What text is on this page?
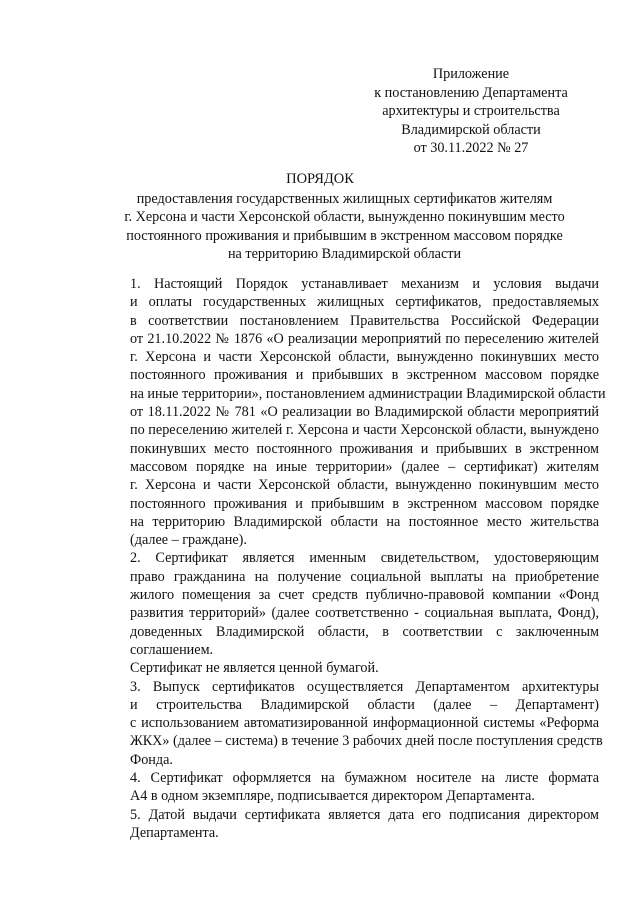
Приложение
к постановлению Департамента
архитектуры и строительства
Владимирской области
от 30.11.2022 № 27
ПОРЯДОК
предоставления государственных жилищных сертификатов жителям
г. Херсона и части Херсонской области, вынужденно покинувшим место
постоянного проживания и прибывшим в экстренном массовом порядке
на территорию Владимирской области
1. Настоящий Порядок устанавливает механизм и условия выдачи
и оплаты государственных жилищных сертификатов, предоставляемых
в соответствии постановлением Правительства Российской Федерации
от 21.10.2022 № 1876 «О реализации мероприятий по переселению жителей
г. Херсона и части Херсонской области, вынужденно покинувших место
постоянного проживания и прибывших в экстренном массовом порядке
на иные территории», постановлением администрации Владимирской области
от 18.11.2022 № 781 «О реализации во Владимирской области мероприятий
по переселению жителей г. Херсона и части Херсонской области, вынуждено
покинувших место постоянного проживания и прибывших в экстренном
массовом порядке на иные территории» (далее – сертификат) жителям
г. Херсона и части Херсонской области, вынужденно покинувшим место
постоянного проживания и прибывшим в экстренном массовом порядке
на территорию Владимирской области на постоянное место жительства
(далее – граждане).
2. Сертификат является именным свидетельством, удостоверяющим
право гражданина на получение социальной выплаты на приобретение
жилого помещения за счет средств публично-правовой компании «Фонд
развития территорий» (далее соответственно - социальная выплата, Фонд),
доведенных Владимирской области, в соответствии с заключенным
соглашением.
Сертификат не является ценной бумагой.
3. Выпуск сертификатов осуществляется Департаментом архитектуры
и строительства Владимирской области (далее – Департамент)
с использованием автоматизированной информационной системы «Реформа
ЖКХ» (далее – система) в течение 3 рабочих дней после поступления средств
Фонда.
4. Сертификат оформляется на бумажном носителе на листе формата
А4 в одном экземпляре, подписывается директором Департамента.
5. Датой выдачи сертификата является дата его подписания директором
Департамента.
